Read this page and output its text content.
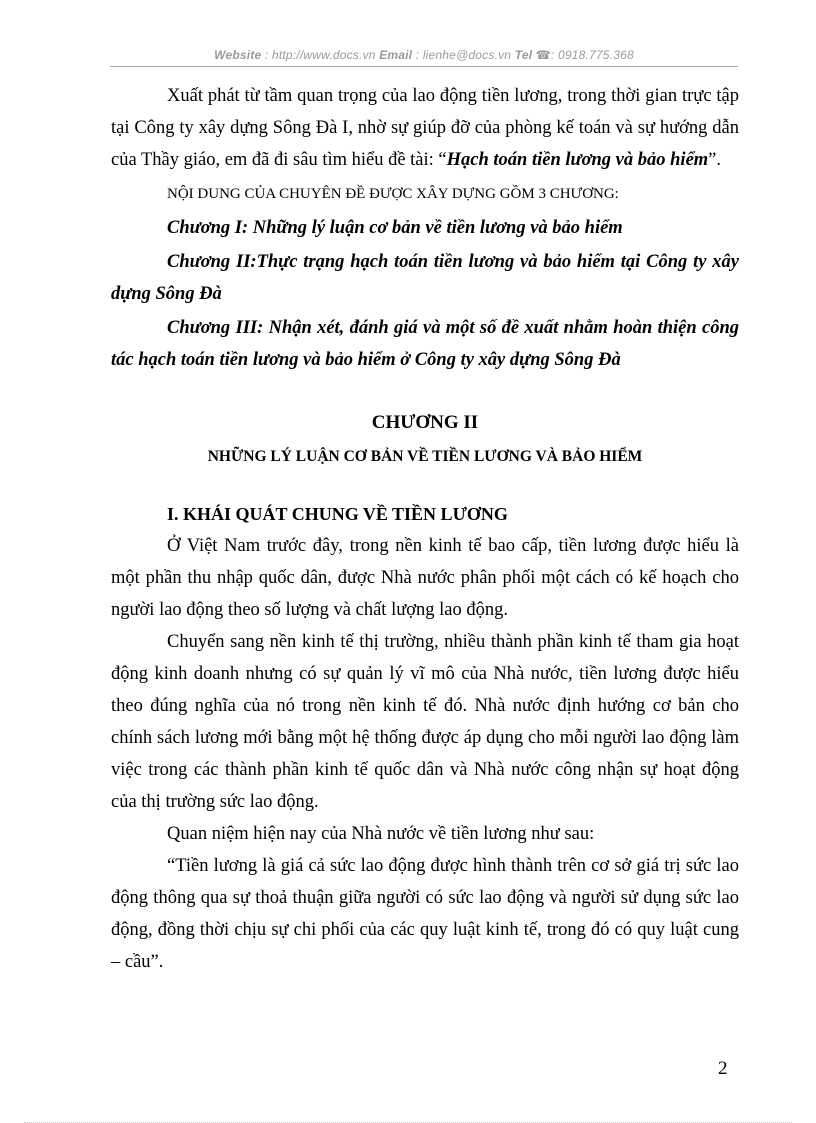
Website : http://www.docs.vn Email : lienhe@docs.vn Tel ☎: 0918.775.368

Xuất phát từ tầm quan trọng của lao động tiền lương, trong thời gian trực tập tại Công ty xây dựng Sông Đà I, nhờ sự giúp đỡ của phòng kế toán và sự hướng dẫn của Thầy giáo, em đã đi sâu tìm hiểu đề tài: “Hạch toán tiền lương và bảo hiểm”.

NỘI DUNG CỦA CHUYÊN ĐỀ ĐƯỢC XÂY DỰNG GỒM 3 CHƯƠNG:

Chương I: Những lý luận cơ bản về tiền lương và bảo hiểm

Chương II:Thực trạng hạch toán tiền lương và bảo hiểm tại Công ty xây dựng Sông Đà

Chương III: Nhận xét, đánh giá và một số đề xuất nhằm hoàn thiện công tác hạch toán tiền lương và bảo hiểm ở Công ty xây dựng Sông Đà

CHƯƠNG II

NHỮNG LÝ LUẬN CƠ BẢN VỀ TIỀN LƯƠNG VÀ BẢO HIỂM

I. KHÁI QUÁT CHUNG VỀ TIỀN LƯƠNG

Ở Việt Nam trước đây, trong nền kinh tế bao cấp, tiền lương được hiểu là một phần thu nhập quốc dân, được Nhà nước phân phối một cách có kế hoạch cho người lao động theo số lượng và chất lượng lao động.

Chuyển sang nền kinh tế thị trường, nhiều thành phần kinh tế tham gia hoạt động kinh doanh nhưng có sự quản lý vĩ mô của Nhà nước, tiền lương được hiểu theo đúng nghĩa của nó trong nền kinh tế đó. Nhà nước định hướng cơ bản cho chính sách lương mới bằng một hệ thống được áp dụng cho mỗi người lao động làm việc trong các thành phần kinh tế quốc dân và Nhà nước công nhận sự hoạt động của thị trường sức lao động.

Quan niệm hiện nay của Nhà nước về tiền lương như sau:

“Tiền lương là giá cả sức lao động được hình thành trên cơ sở giá trị sức lao động thông qua sự thoả thuận giữa người có sức lao động và người sử dụng sức lao động, đồng thời chịu sự chi phối của các quy luật kinh tế, trong đó có quy luật cung – cầu”.

2
